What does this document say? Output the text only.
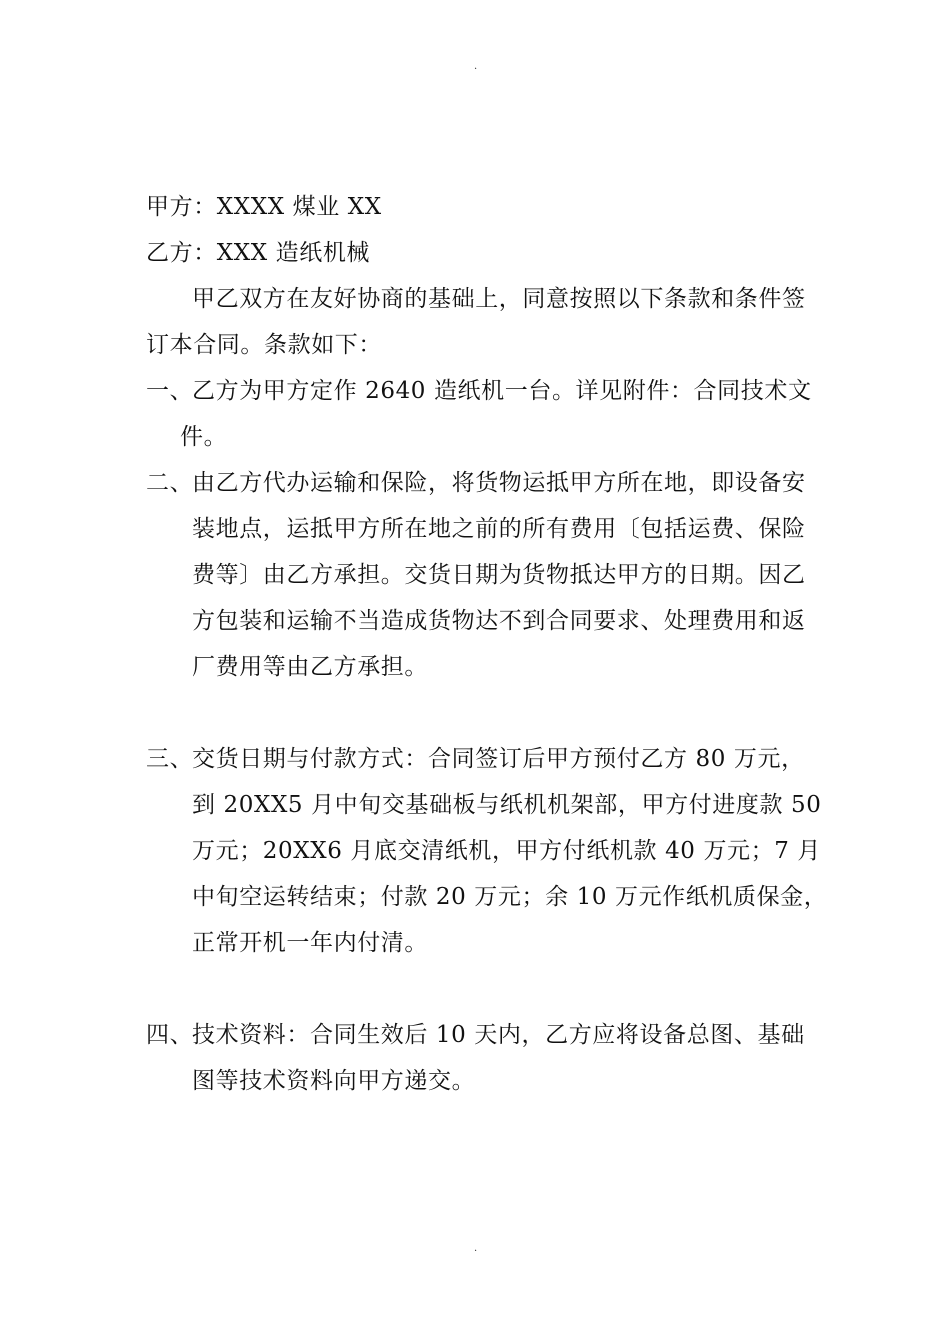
.
甲方：XXXX 煤业 XX
乙方：XXX 造纸机械
甲乙双方在友好协商的基础上，同意按照以下条款和条件签
订本合同。条款如下：
一、
乙方为甲方定作 2640 造纸机一台。详见附件：合同技术文
件。
二、
由乙方代办运输和保险，将货物运抵甲方所在地，即设备安
装地点，运抵甲方所在地之前的所有费用〔包括运费、保险
费等〕由乙方承担。交货日期为货物抵达甲方的日期。因乙
方包装和运输不当造成货物达不到合同要求、处理费用和返
厂费用等由乙方承担。
三、
交货日期与付款方式：合同签订后甲方预付乙方 80 万元，
到 20XX5 月中旬交基础板与纸机机架部，甲方付进度款 50
万元；20XX6 月底交清纸机，甲方付纸机款 40 万元；7 月
中旬空运转结束；付款 20 万元；余 10 万元作纸机质保金，
正常开机一年内付清。
四、
技术资料：合同生效后 10 天内，乙方应将设备总图、基础
图等技术资料向甲方递交。
.
